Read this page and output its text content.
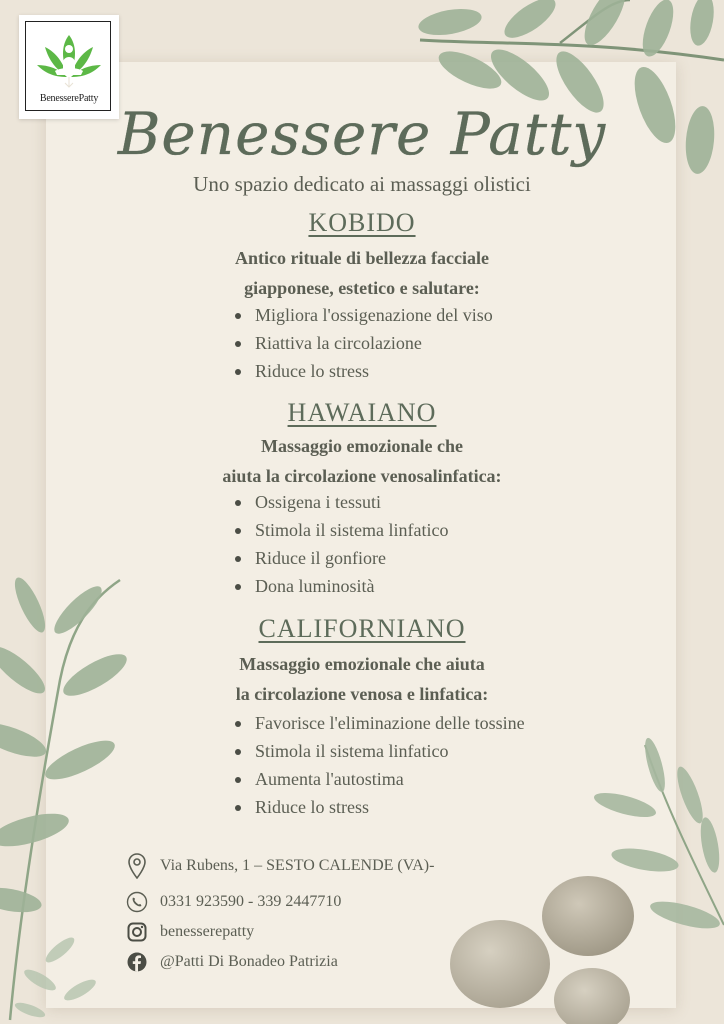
BenesserePatty
Benessere Patty
Uno spazio dedicato ai massaggi olistici
KOBIDO
Antico rituale di bellezza facciale
giapponese, estetico e salutare:
Migliora l'ossigenazione del viso
Riattiva la circolazione
Riduce lo stress
HAWAIANO
Massaggio emozionale che
aiuta la circolazione venosalinfatica:
Ossigena i tessuti
Stimola il sistema linfatico
Riduce il gonfiore
Dona luminosità
CALIFORNIANO
Massaggio emozionale che aiuta
la circolazione venosa e linfatica:
Favorisce l'eliminazione delle tossine
Stimola il sistema linfatico
Aumenta l'autostima
Riduce lo stress
Via Rubens, 1 – SESTO CALENDE (VA)-
0331 923590 - 339 2447710
benesserepatty
@Patti Di Bonadeo Patrizia
